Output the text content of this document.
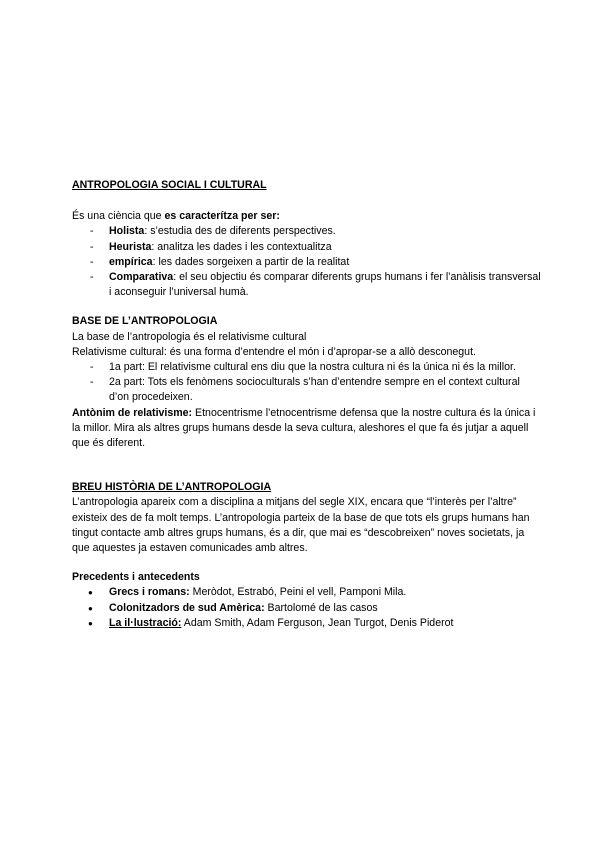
ANTROPOLOGIA SOCIAL I CULTURAL

És una ciència que es caracterítza per ser:

- Holista: s’estudia des de diferents perspectives.
- Heurista: analitza les dades i les contextualitza
- empírica: les dades sorgeixen a partir de la realitat
- Comparativa: el seu objectiu és comparar diferents grups humans i fer l’anàlisis transversal i aconseguir l’universal humà.
BASE DE L’ANTROPOLOGIA

La base de l’antropologia és el relativisme cultural

Relativisme cultural: és una forma d’entendre el món i d’apropar-se a allò desconegut.

- 1a part: El relativisme cultural ens diu que la nostra cultura ni és la única ni és la millor.
- 2a part: Tots els fenòmens socioculturals s’han d’entendre sempre en el context cultural d’on procedeixen.

Antònim de relativisme: Etnocentrisme l’etnocentrisme defensa que la nostre cultura és la única i la millor. Mira als altres grups humans desde la seva cultura, aleshores el que fa és jutjar a aquell que és diferent.

BREU HISTÒRIA DE L’ANTROPOLOGIA

L’antropologia apareix com a disciplina a mitjans del segle XIX, encara que “l’interès per l’altre” existeix des de fa molt temps. L’antropologia parteix de la base de que tots els grups humans han tingut contacte amb altres grups humans, és a dir, que mai es “descobreixen” noves societats, ja que aquestes ja estaven comunicades amb altres.

Precedents i antecedents
● Grecs i romans: Meròdot, Estrabó, Peini el vell, Pamponi Mila.
● Colonitzadors de sud Amèrica: Bartolomé de las casos
● La il·lustració: Adam Smith, Adam Ferguson, Jean Turgot, Denis Piderot
